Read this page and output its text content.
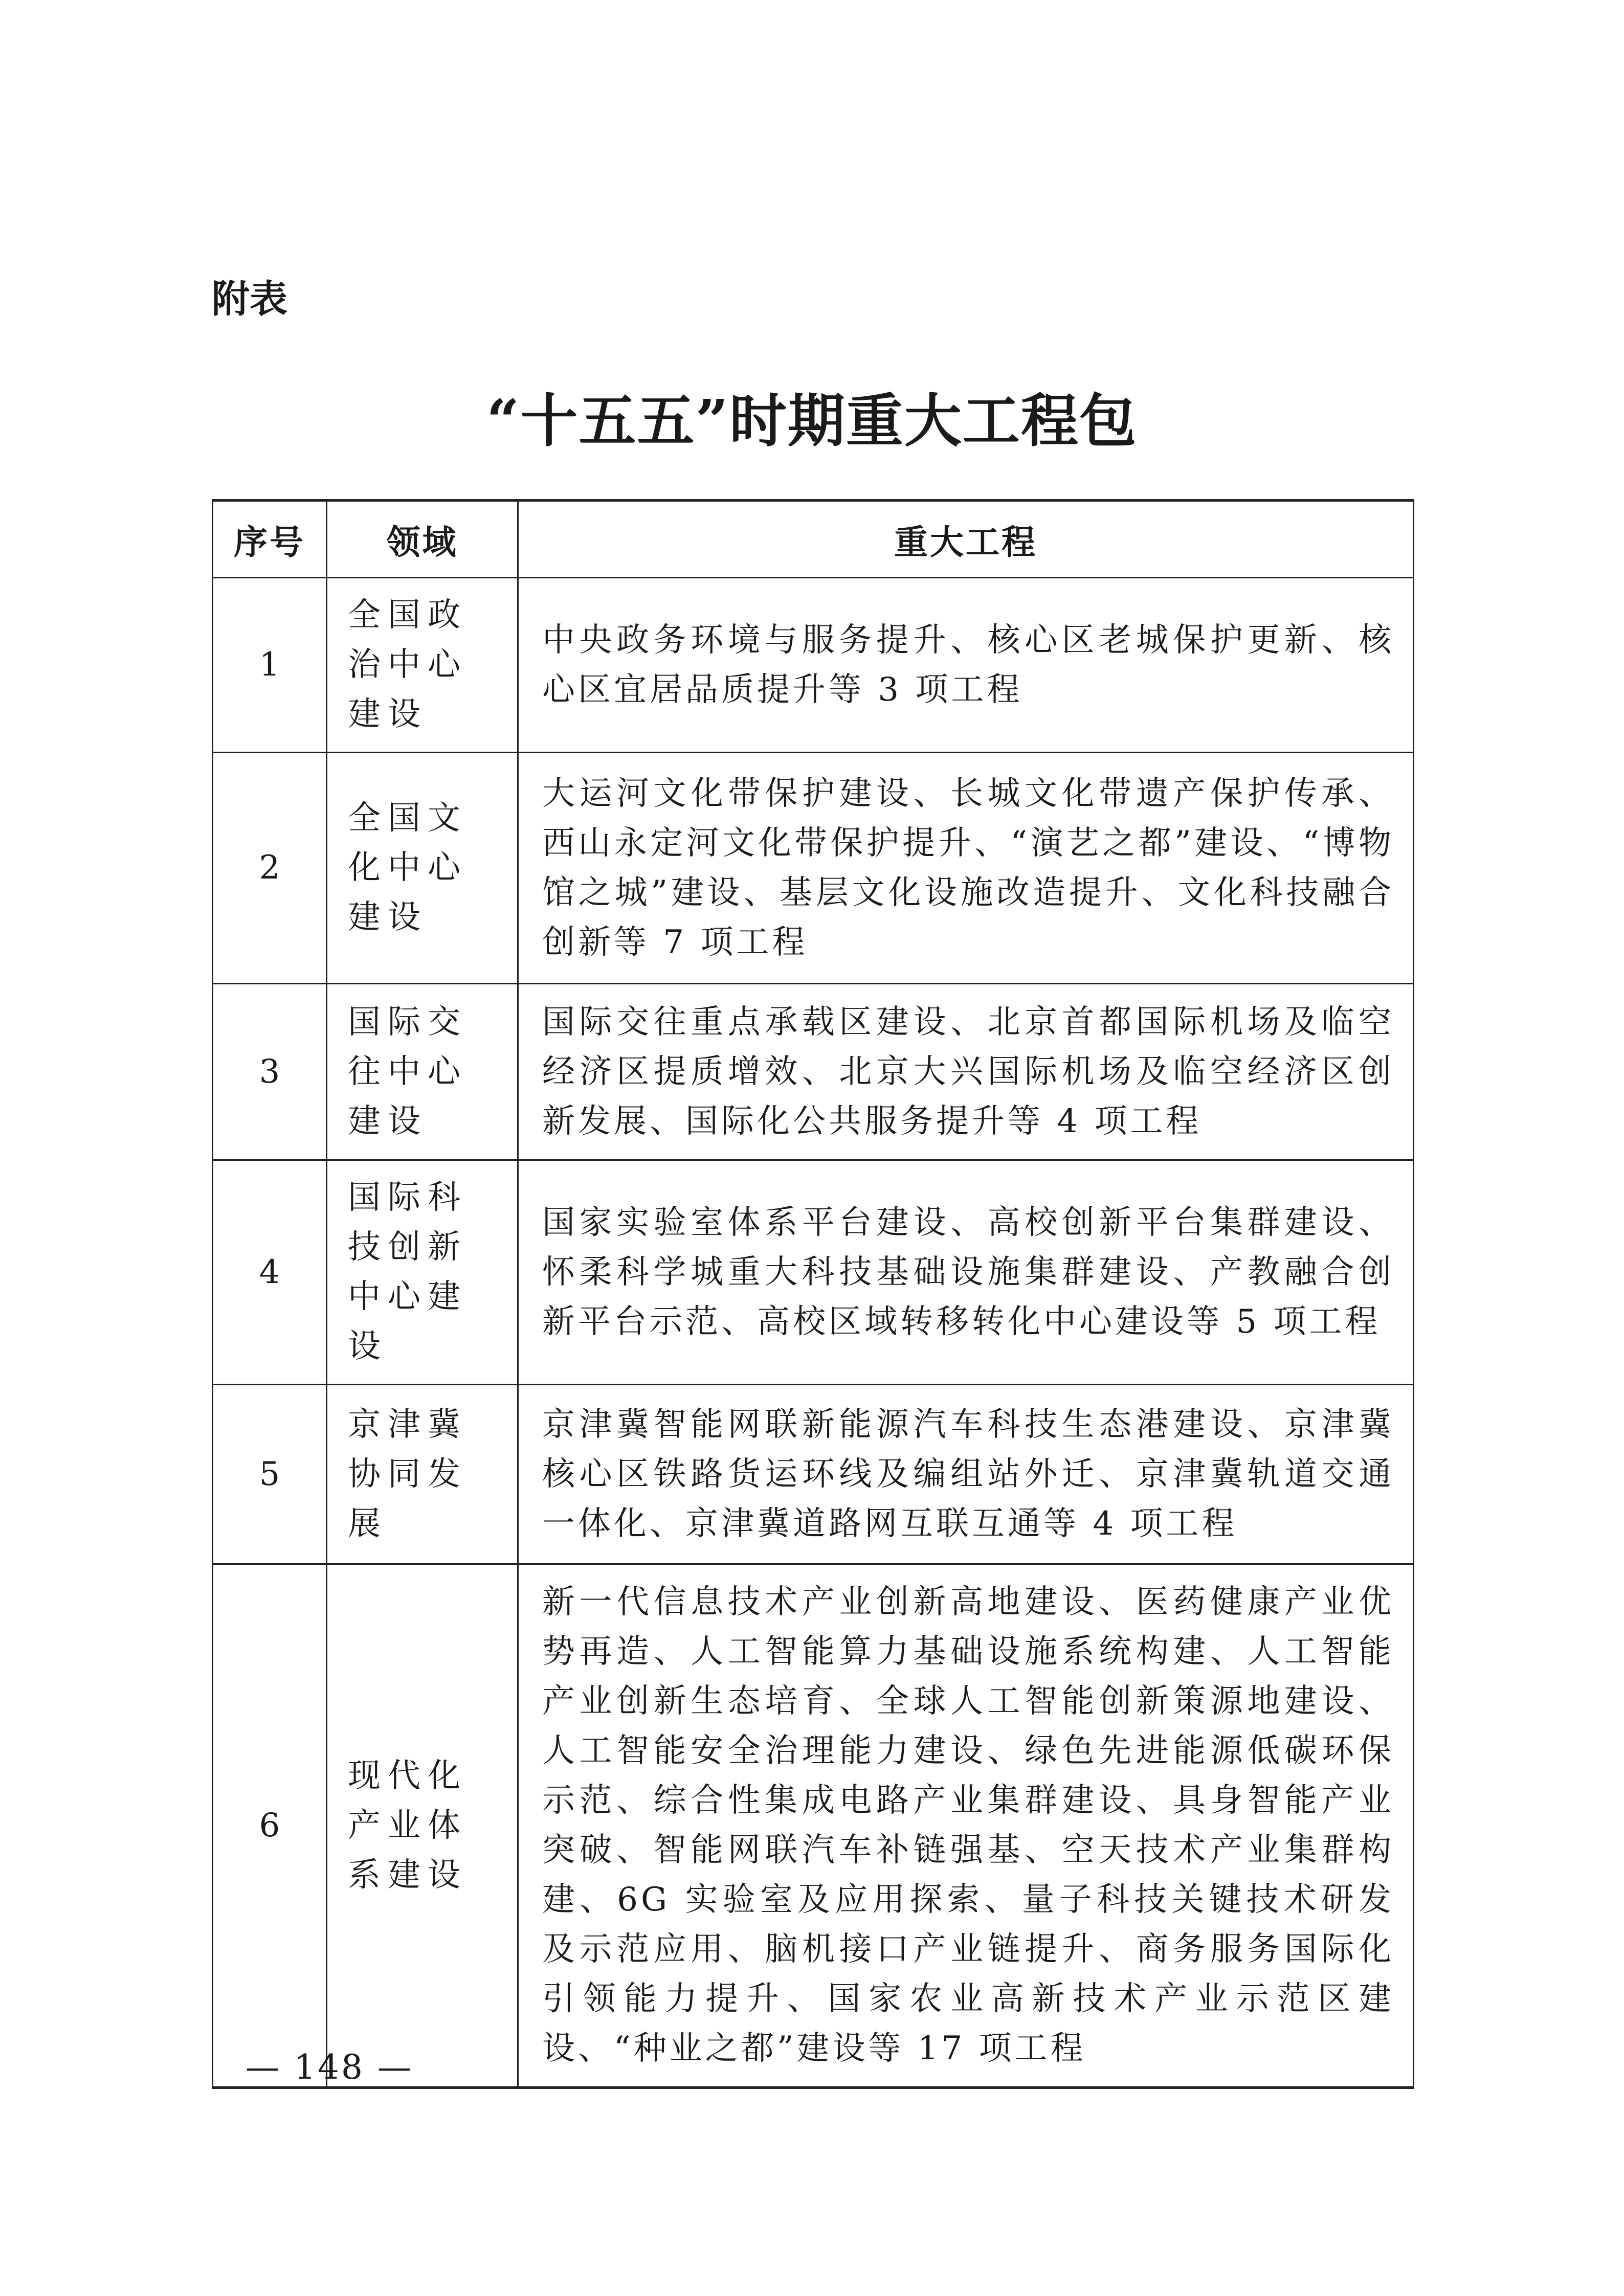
附表
“十五五”时期重大工程包
序号	领域	重大工程
1	全国政治中心建设	中央政务环境与服务提升、核心区老城保护更新、核心区宜居品质提升等 3 项工程
2	全国文化中心建设	大运河文化带保护建设、长城文化带遗产保护传承、西山永定河文化带保护提升、“演艺之都”建设、“博物馆之城”建设、基层文化设施改造提升、文化科技融合创新等 7 项工程
3	国际交往中心建设	国际交往重点承载区建设、北京首都国际机场及临空经济区提质增效、北京大兴国际机场及临空经济区创新发展、国际化公共服务提升等 4 项工程
4	国际科技创新中心建设	国家实验室体系平台建设、高校创新平台集群建设、怀柔科学城重大科技基础设施集群建设、产教融合创新平台示范、高校区域转移转化中心建设等 5 项工程
5	京津冀协同发展	京津冀智能网联新能源汽车科技生态港建设、京津冀核心区铁路货运环线及编组站外迁、京津冀轨道交通一体化、京津冀道路网互联互通等 4 项工程
6	现代化产业体系建设	新一代信息技术产业创新高地建设、医药健康产业优势再造、人工智能算力基础设施系统构建、人工智能产业创新生态培育、全球人工智能创新策源地建设、人工智能安全治理能力建设、绿色先进能源低碳环保示范、综合性集成电路产业集群建设、具身智能产业突破、智能网联汽车补链强基、空天技术产业集群构建、6G 实验室及应用探索、量子科技关键技术研发及示范应用、脑机接口产业链提升、商务服务国际化引领能力提升、国家农业高新技术产业示范区建设、“种业之都”建设等 17 项工程
— 148 —
